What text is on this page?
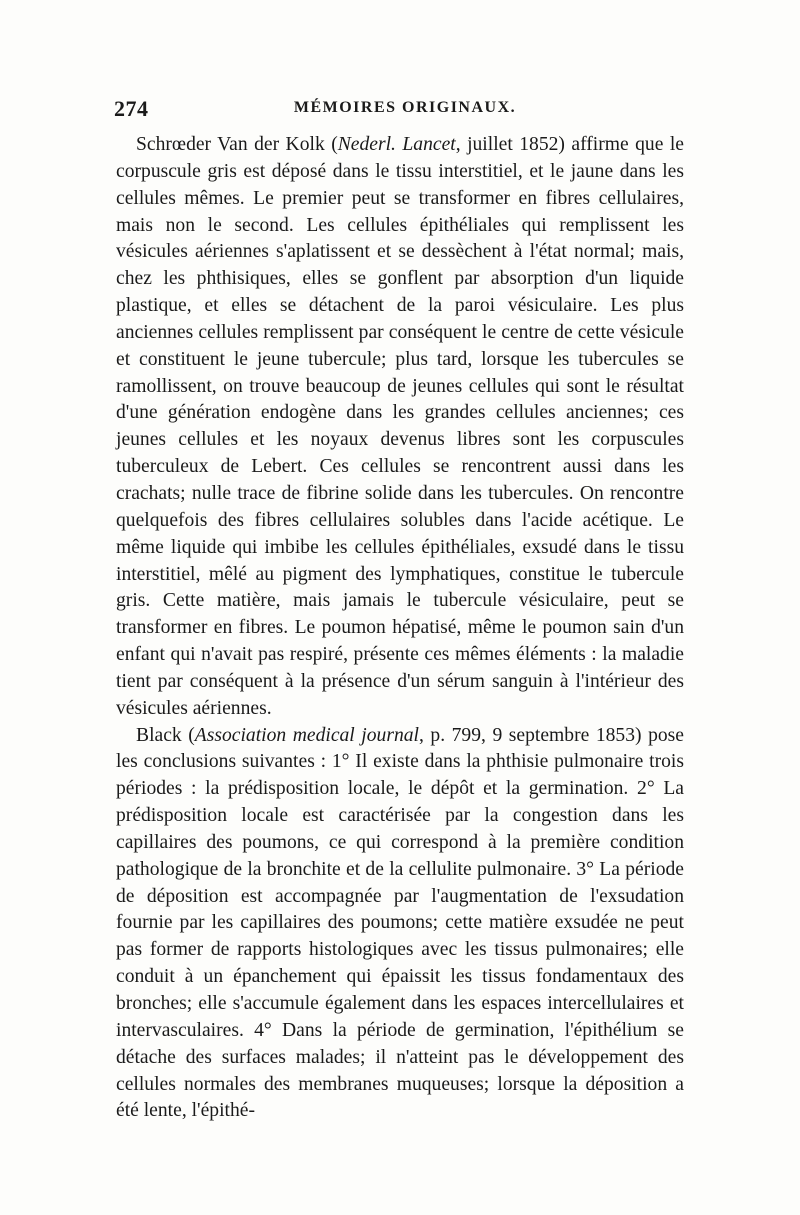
274	MÉMOIRES ORIGINAUX.

Schrœder Van der Kolk (Nederl. Lancet, juillet 1852) affirme que le corpuscule gris est déposé dans le tissu interstitiel, et le jaune dans les cellules mêmes. Le premier peut se transformer en fibres cellulaires, mais non le second. Les cellules épithéliales qui remplissent les vésicules aériennes s'aplatissent et se dessèchent à l'état normal; mais, chez les phthisiques, elles se gonflent par absorption d'un liquide plastique, et elles se détachent de la paroi vésiculaire. Les plus anciennes cellules remplissent par conséquent le centre de cette vésicule et constituent le jeune tubercule; plus tard, lorsque les tubercules se ramollissent, on trouve beaucoup de jeunes cellules qui sont le résultat d'une génération endogène dans les grandes cellules anciennes; ces jeunes cellules et les noyaux devenus libres sont les corpuscules tuberculeux de Lebert. Ces cellules se rencontrent aussi dans les crachats; nulle trace de fibrine solide dans les tubercules. On rencontre quelquefois des fibres cellulaires solubles dans l'acide acétique. Le même liquide qui imbibe les cellules épithéliales, exsudé dans le tissu interstitiel, mêlé au pigment des lymphatiques, constitue le tubercule gris. Cette matière, mais jamais le tubercule vésiculaire, peut se transformer en fibres. Le poumon hépatisé, même le poumon sain d'un enfant qui n'avait pas respiré, présente ces mêmes éléments : la maladie tient par conséquent à la présence d'un sérum sanguin à l'intérieur des vésicules aériennes.

Black (Association medical journal, p. 799, 9 septembre 1853) pose les conclusions suivantes : 1° Il existe dans la phthisie pulmonaire trois périodes : la prédisposition locale, le dépôt et la germination. 2° La prédisposition locale est caractérisée par la congestion dans les capillaires des poumons, ce qui correspond à la première condition pathologique de la bronchite et de la cellulite pulmonaire. 3° La période de déposition est accompagnée par l'augmentation de l'exsudation fournie par les capillaires des poumons; cette matière exsudée ne peut pas former de rapports histologiques avec les tissus pulmonaires; elle conduit à un épanchement qui épaissit les tissus fondamentaux des bronches; elle s'accumule également dans les espaces intercellulaires et intervasculaires. 4° Dans la période de germination, l'épithélium se détache des surfaces malades; il n'atteint pas le développement des cellules normales des membranes muqueuses; lorsque la déposition a été lente, l'épithé-
